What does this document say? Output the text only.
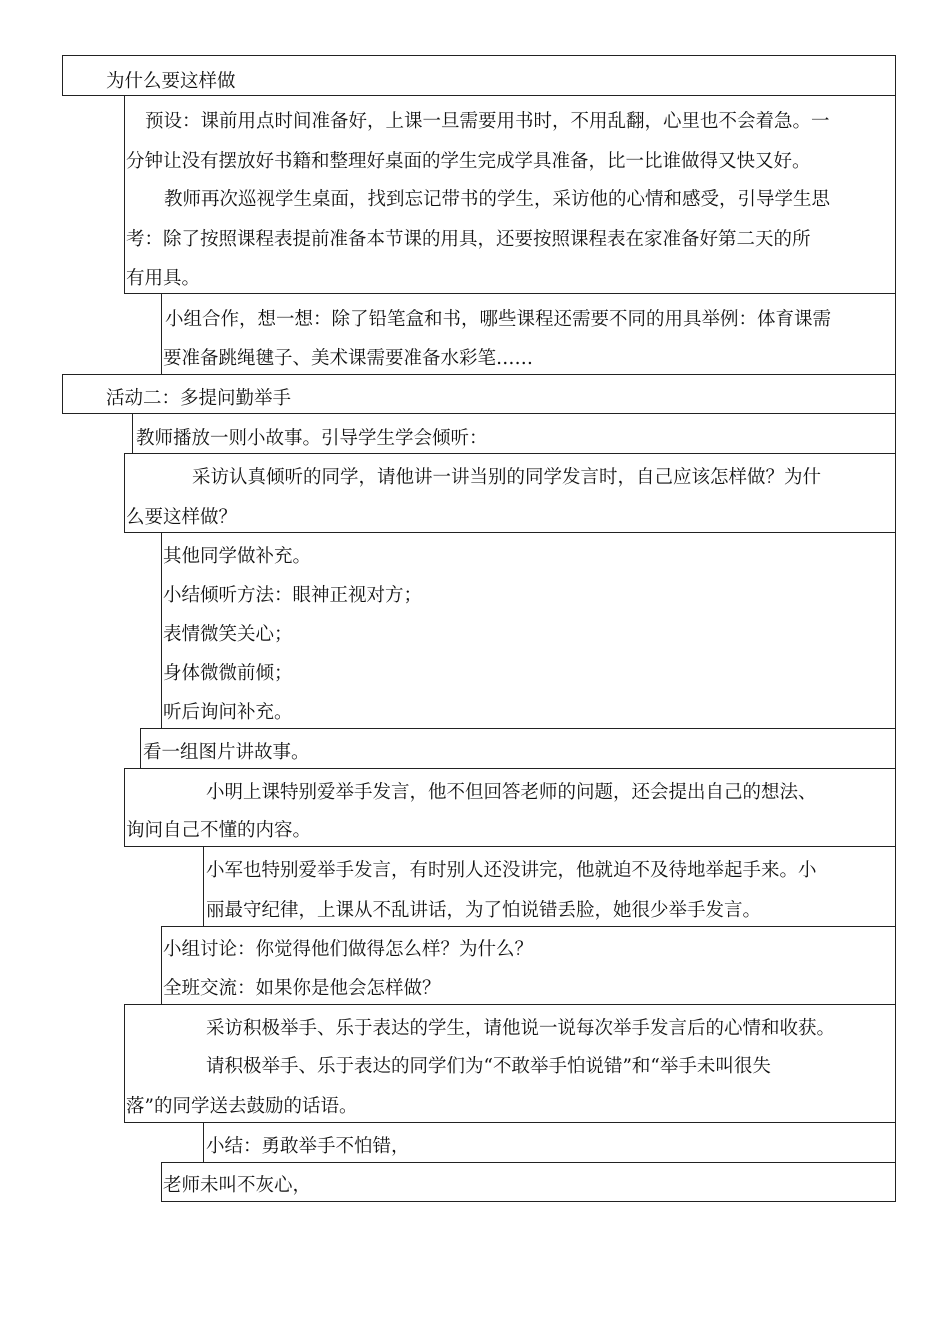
为什么要这样做
预设：课前用点时间准备好，上课一旦需要用书时，不用乱翻，心里也不会着急。一
分钟让没有摆放好书籍和整理好桌面的学生完成学具准备，比一比谁做得又快又好。
教师再次巡视学生桌面，找到忘记带书的学生，采访他的心情和感受，引导学生思
考：除了按照课程表提前准备本节课的用具，还要按照课程表在家准备好第二天的所
有用具。
小组合作，想一想：除了铅笔盒和书，哪些课程还需要不同的用具举例：体育课需
要准备跳绳毽子、美术课需要准备水彩笔……
活动二：多提问勤举手
教师播放一则小故事。引导学生学会倾听：
采访认真倾听的同学，请他讲一讲当别的同学发言时，自己应该怎样做？为什
么要这样做？
其他同学做补充。
小结倾听方法：眼神正视对方；
表情微笑关心；
身体微微前倾；
听后询问补充。
看一组图片讲故事。
小明上课特别爱举手发言，他不但回答老师的问题，还会提出自己的想法、
询问自己不懂的内容。
小军也特别爱举手发言，有时别人还没讲完，他就迫不及待地举起手来。小
丽最守纪律，上课从不乱讲话，为了怕说错丢脸，她很少举手发言。
小组讨论：你觉得他们做得怎么样？为什么？
全班交流：如果你是他会怎样做？
采访积极举手、乐于表达的学生，请他说一说每次举手发言后的心情和收获。
请积极举手、乐于表达的同学们为“不敢举手怕说错”和“举手未叫很失
落”的同学送去鼓励的话语。
小结：勇敢举手不怕错，
老师未叫不灰心，
